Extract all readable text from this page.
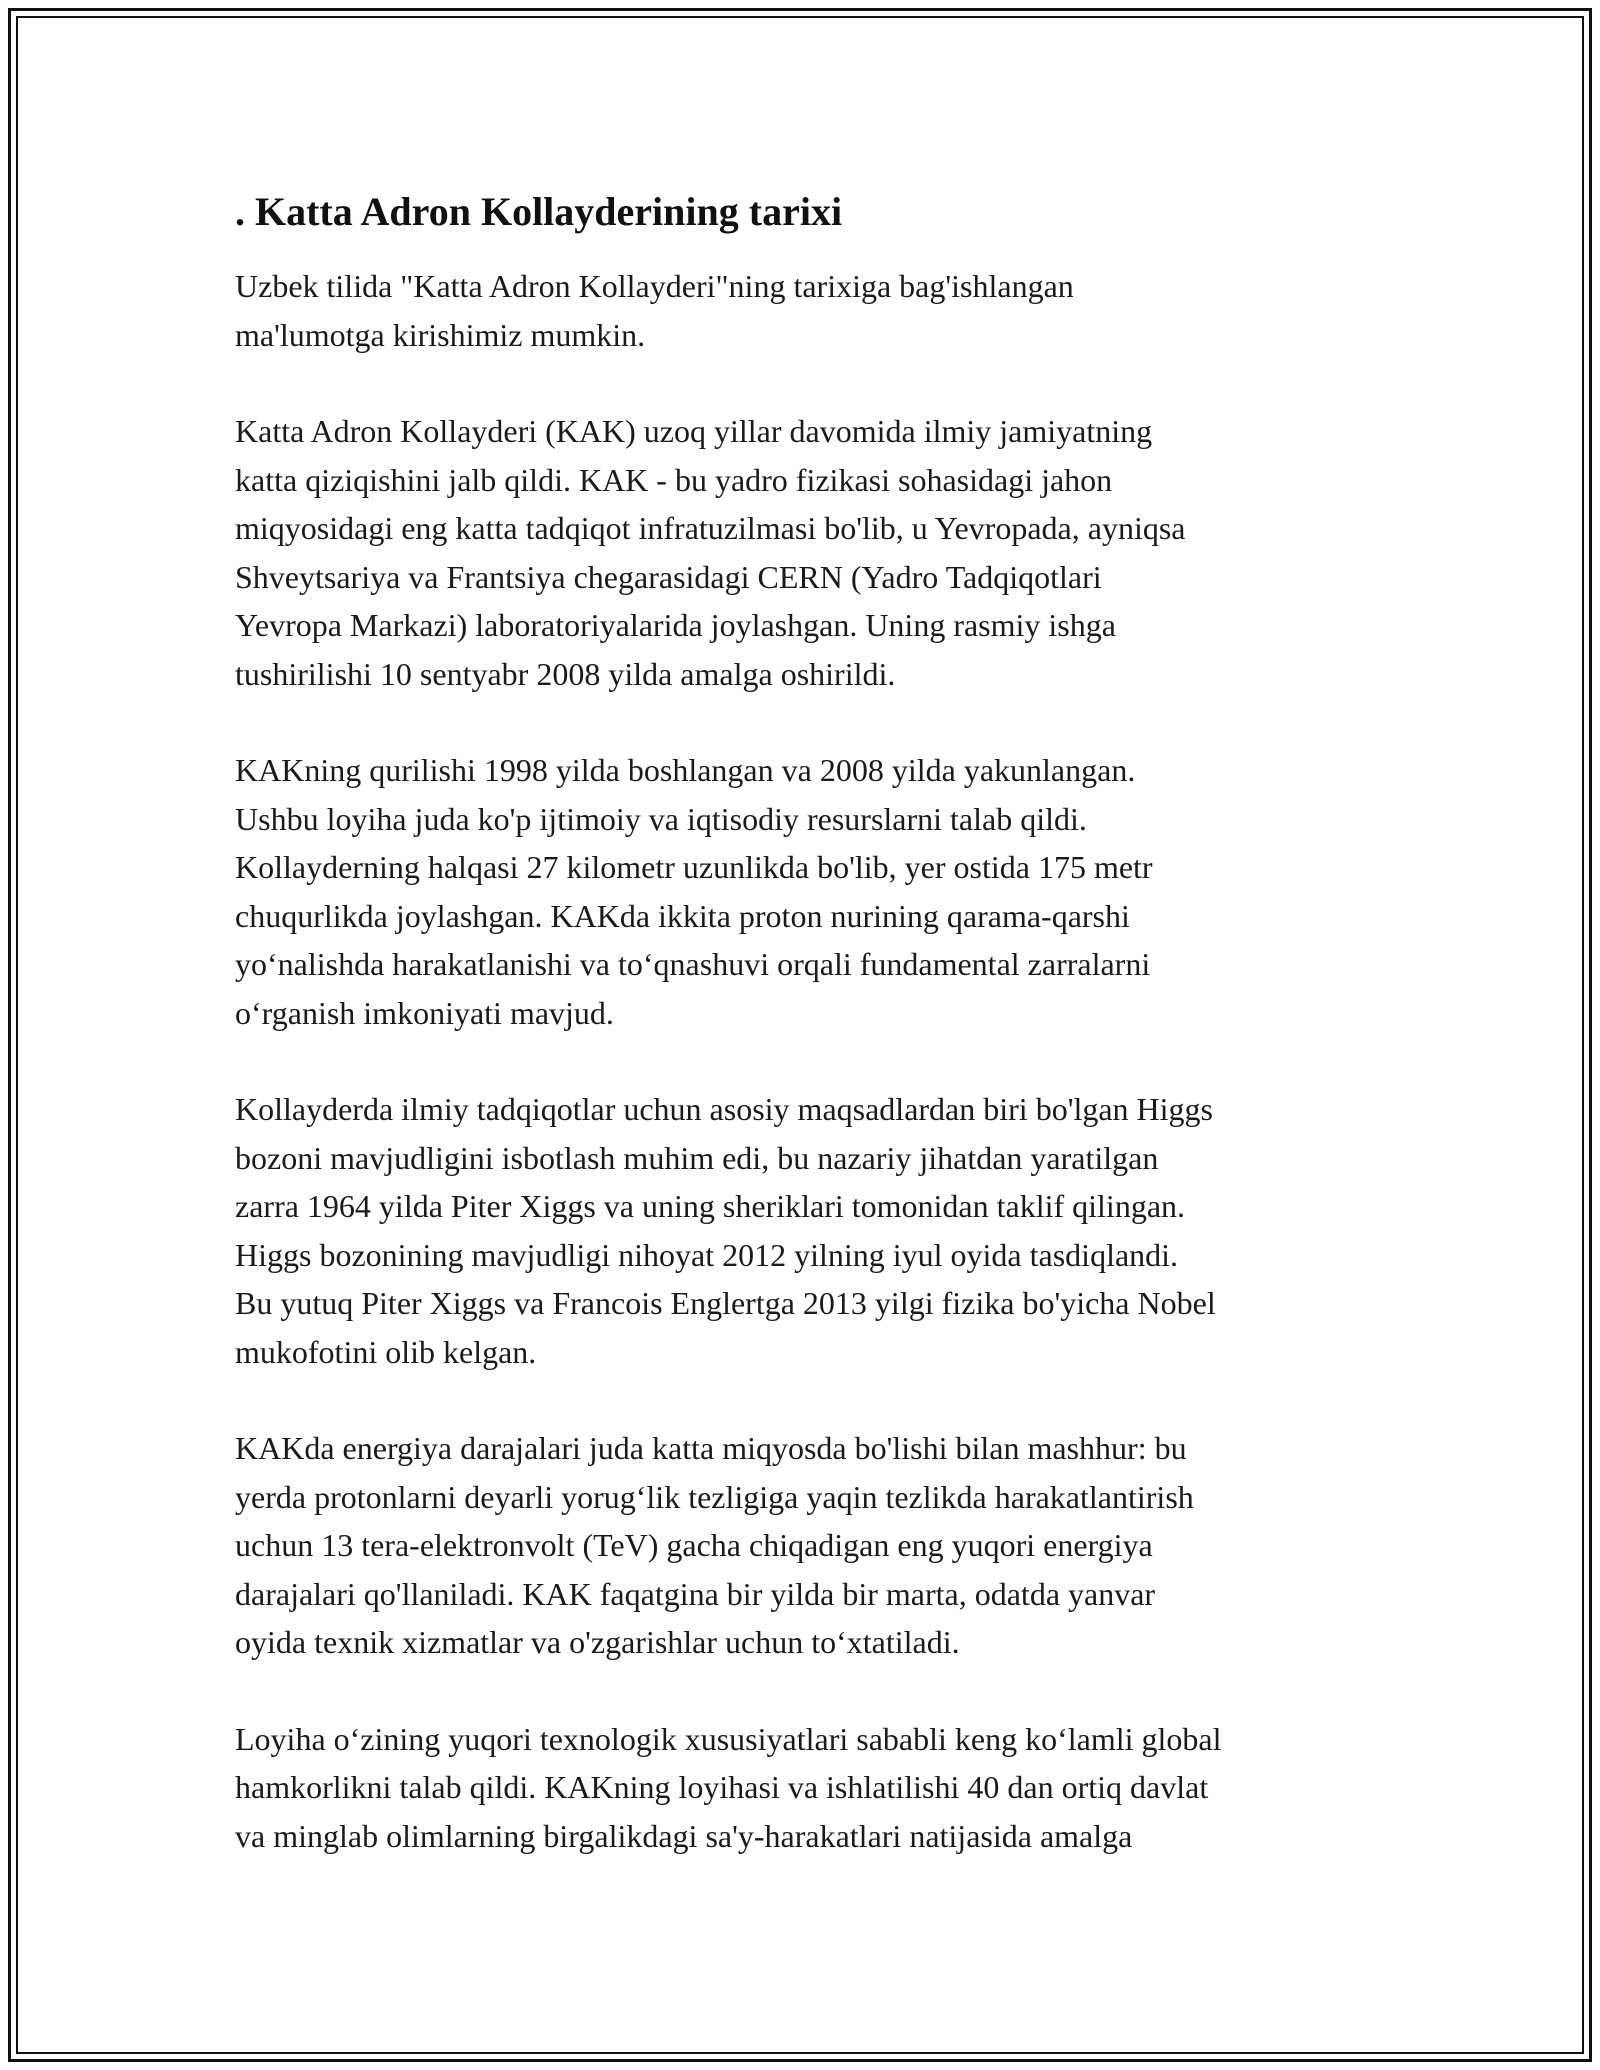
. Katta Adron Kollayderining tarixi
Uzbek tilida "Katta Adron Kollayderi"ning tarixiga bag'ishlangan
ma'lumotga kirishimiz mumkin.
Katta Adron Kollayderi (KAK) uzoq yillar davomida ilmiy jamiyatning
katta qiziqishini jalb qildi. KAK - bu yadro fizikasi sohasidagi jahon
miqyosidagi eng katta tadqiqot infratuzilmasi bo'lib, u Yevropada, ayniqsa
Shveytsariya va Frantsiya chegarasidagi CERN (Yadro Tadqiqotlari
Yevropa Markazi) laboratoriyalarida joylashgan. Uning rasmiy ishga
tushirilishi 10 sentyabr 2008 yilda amalga oshirildi.
KAKning qurilishi 1998 yilda boshlangan va 2008 yilda yakunlangan.
Ushbu loyiha juda ko'p ijtimoiy va iqtisodiy resurslarni talab qildi.
Kollayderning halqasi 27 kilometr uzunlikda bo'lib, yer ostida 175 metr
chuqurlikda joylashgan. KAKda ikkita proton nurining qarama-qarshi
yo‘nalishda harakatlanishi va to‘qnashuvi orqali fundamental zarralarni
o‘rganish imkoniyati mavjud.
Kollayderda ilmiy tadqiqotlar uchun asosiy maqsadlardan biri bo'lgan Higgs
bozoni mavjudligini isbotlash muhim edi, bu nazariy jihatdan yaratilgan
zarra 1964 yilda Piter Xiggs va uning sheriklari tomonidan taklif qilingan.
Higgs bozonining mavjudligi nihoyat 2012 yilning iyul oyida tasdiqlandi.
Bu yutuq Piter Xiggs va Francois Englertga 2013 yilgi fizika bo'yicha Nobel
mukofotini olib kelgan.
KAKda energiya darajalari juda katta miqyosda bo'lishi bilan mashhur: bu
yerda protonlarni deyarli yorug‘lik tezligiga yaqin tezlikda harakatlantirish
uchun 13 tera-elektronvolt (TeV) gacha chiqadigan eng yuqori energiya
darajalari qo'llaniladi. KAK faqatgina bir yilda bir marta, odatda yanvar
oyida texnik xizmatlar va o'zgarishlar uchun to‘xtatiladi.
Loyiha o‘zining yuqori texnologik xususiyatlari sababli keng ko‘lamli global
hamkorlikni talab qildi. KAKning loyihasi va ishlatilishi 40 dan ortiq davlat
va minglab olimlarning birgalikdagi sa'y-harakatlari natijasida amalga
